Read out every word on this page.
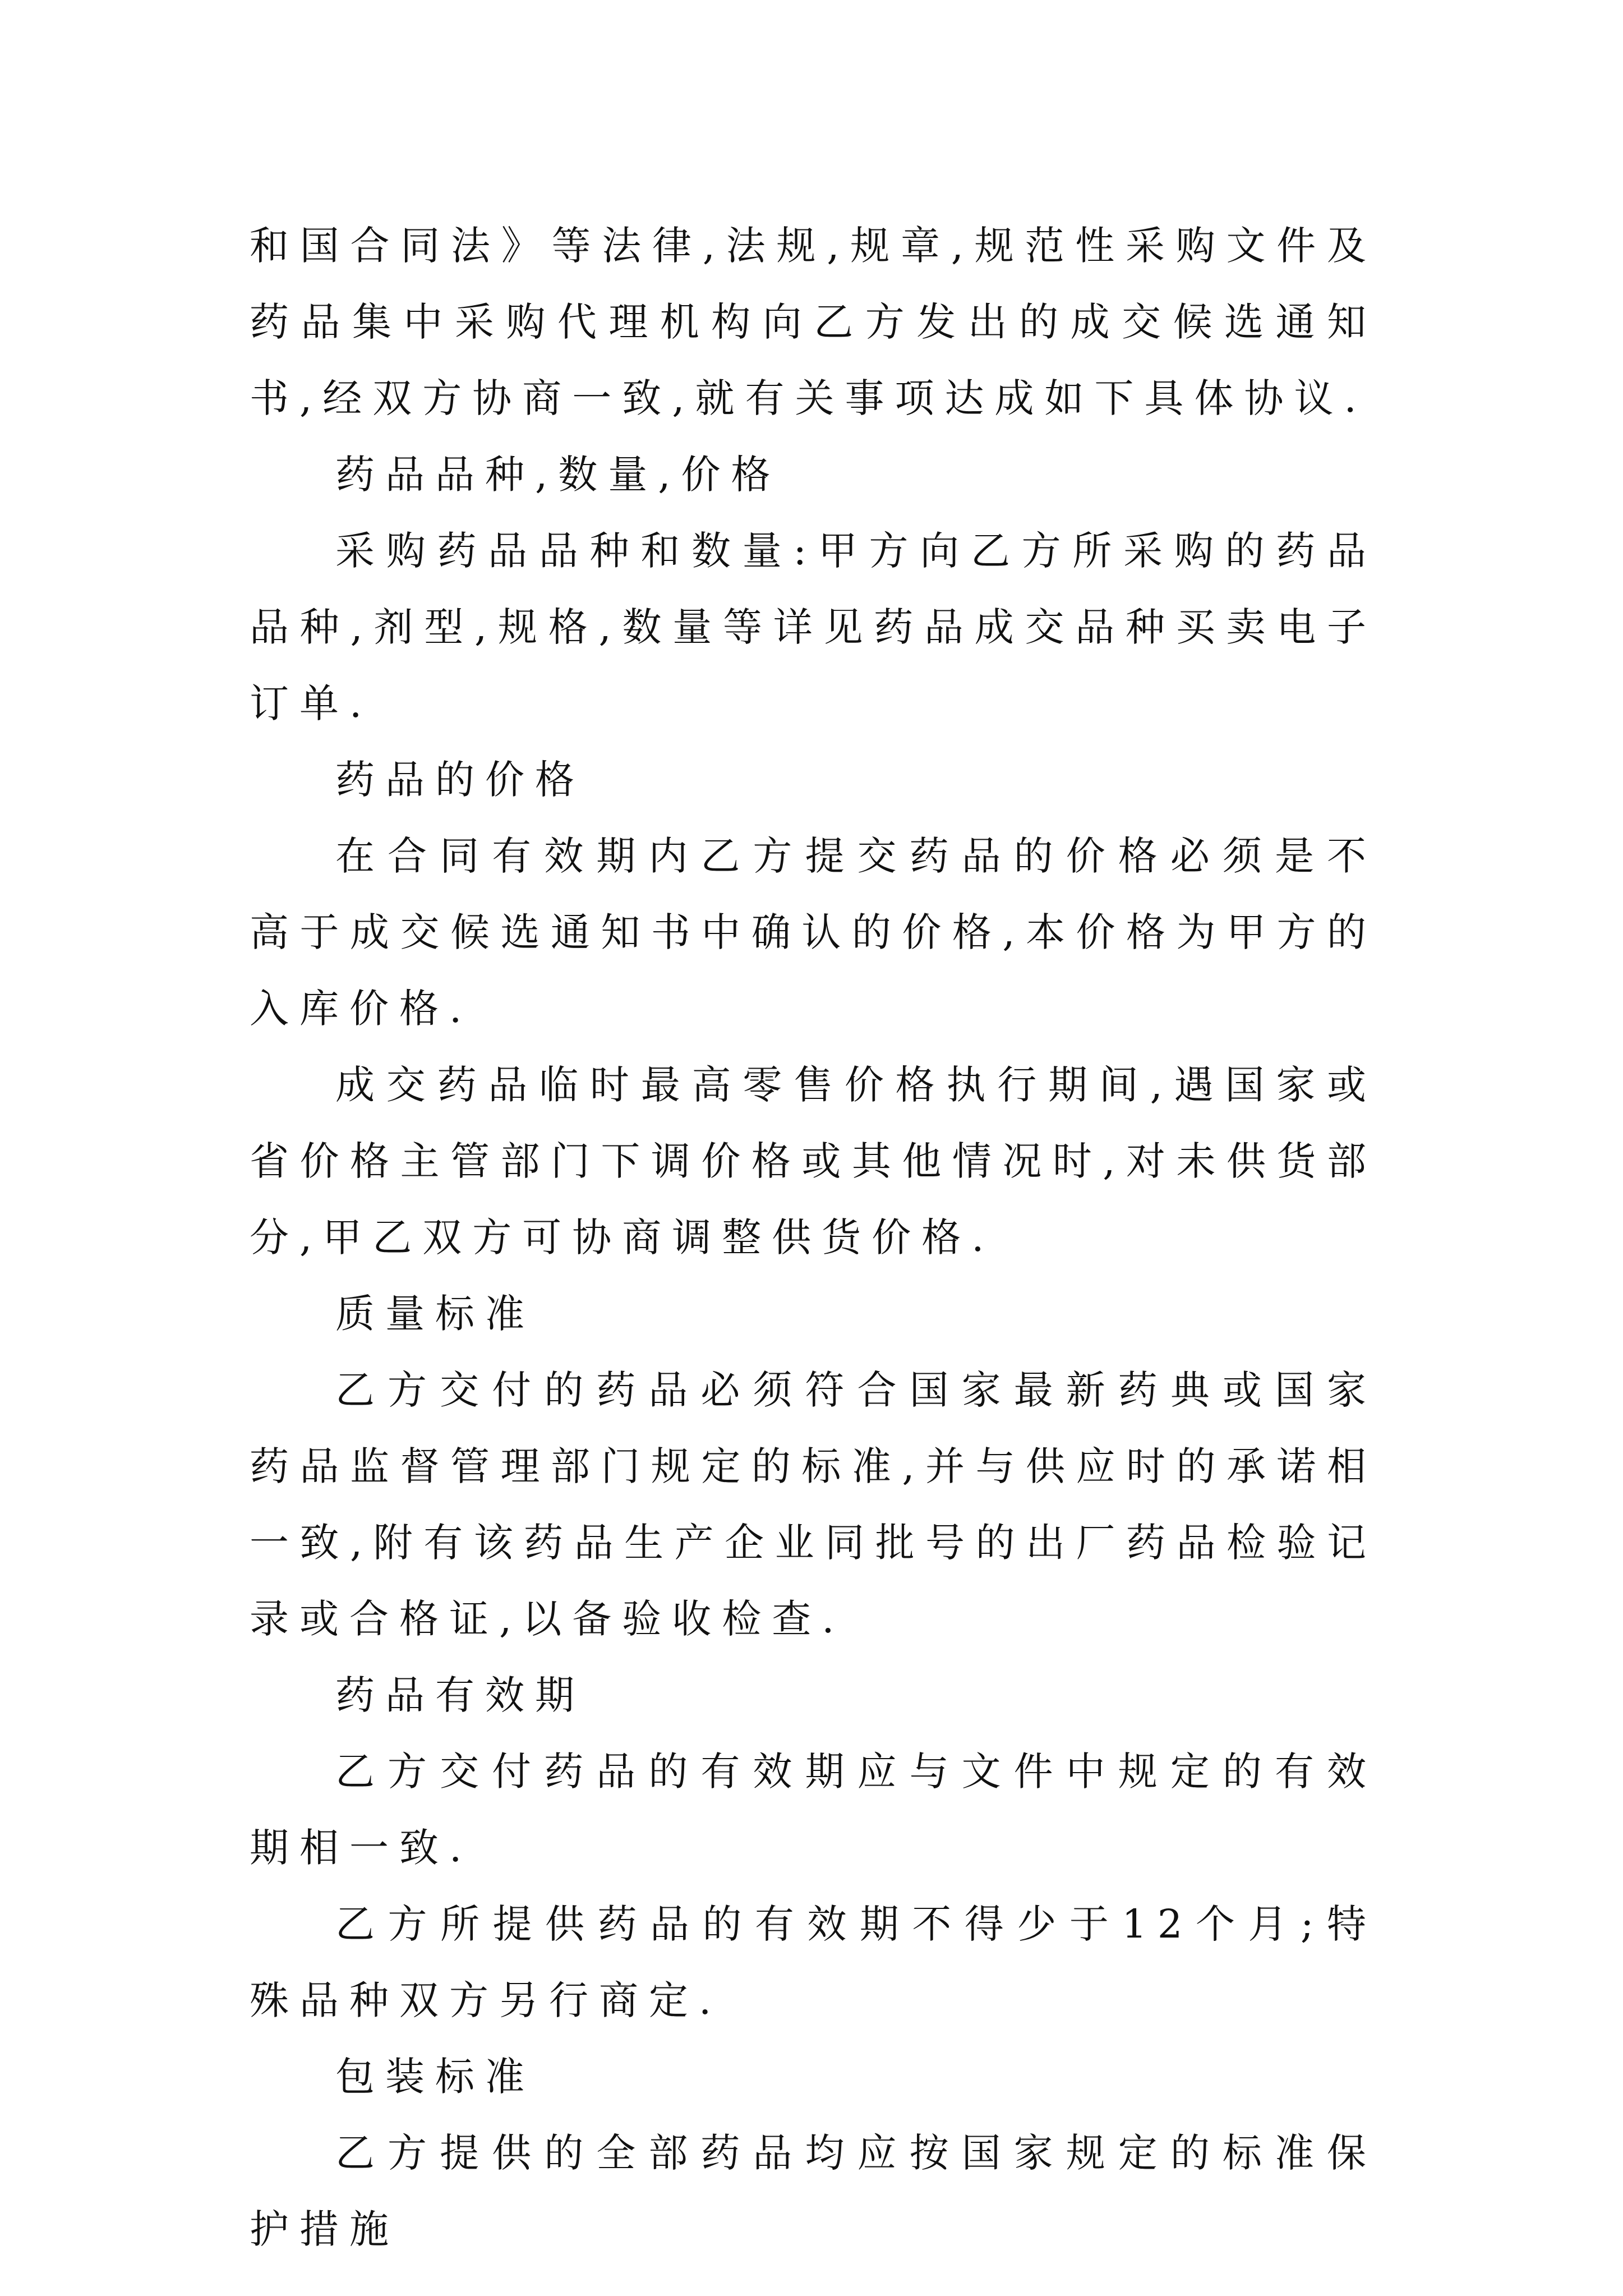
和国合同法》等法律,法规,规章,规范性采购文件及药品集中采购代理机构向乙方发出的成交候选通知书,经双方协商一致,就有关事项达成如下具体协议.

药品品种,数量,价格

采购药品品种和数量:甲方向乙方所采购的药品品种,剂型,规格,数量等详见药品成交品种买卖电子订单.

药品的价格

在合同有效期内乙方提交药品的价格必须是不高于成交候选通知书中确认的价格,本价格为甲方的入库价格.

成交药品临时最高零售价格执行期间,遇国家或省价格主管部门下调价格或其他情况时,对未供货部分,甲乙双方可协商调整供货价格.

质量标准

乙方交付的药品必须符合国家最新药典或国家药品监督管理部门规定的标准,并与供应时的承诺相一致,附有该药品生产企业同批号的出厂药品检验记录或合格证,以备验收检查.

药品有效期

乙方交付药品的有效期应与文件中规定的有效期相一致.

乙方所提供药品的有效期不得少于12个月;特殊品种双方另行商定.

包装标准

乙方提供的全部药品均应按国家规定的标准保护措施
